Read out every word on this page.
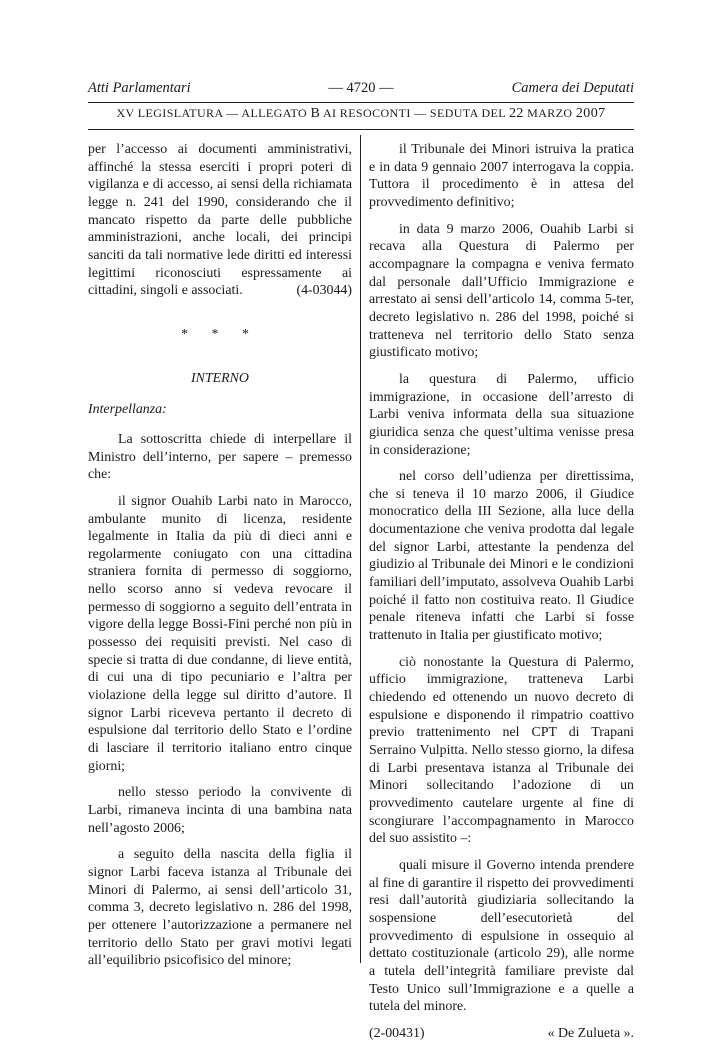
Atti Parlamentari	— 4720 —	Camera dei Deputati
XV LEGISLATURA — ALLEGATO B AI RESOCONTI — SEDUTA DEL 22 MARZO 2007

per l’accesso ai documenti amministrativi, affinché la stessa eserciti i propri poteri di vigilanza e di accesso, ai sensi della richiamata legge n. 241 del 1990, considerando che il mancato rispetto da parte delle pubbliche amministrazioni, anche locali, dei principi sanciti da tali normative lede diritti ed interessi legittimi riconosciuti espressamente ai cittadini, singoli e associati.	(4-03044)

* * *

INTERNO

Interpellanza:

La sottoscritta chiede di interpellare il Ministro dell’interno, per sapere – premesso che:

il signor Ouahib Larbi nato in Marocco, ambulante munito di licenza, residente legalmente in Italia da più di dieci anni e regolarmente coniugato con una cittadina straniera fornita di permesso di soggiorno, nello scorso anno si vedeva revocare il permesso di soggiorno a seguito dell’entrata in vigore della legge Bossi-Fini perché non più in possesso dei requisiti previsti. Nel caso di specie si tratta di due condanne, di lieve entità, di cui una di tipo pecuniario e l’altra per violazione della legge sul diritto d’autore. Il signor Larbi riceveva pertanto il decreto di espulsione dal territorio dello Stato e l’ordine di lasciare il territorio italiano entro cinque giorni;

nello stesso periodo la convivente di Larbi, rimaneva incinta di una bambina nata nell’agosto 2006;

a seguito della nascita della figlia il signor Larbi faceva istanza al Tribunale dei Minori di Palermo, ai sensi dell’articolo 31, comma 3, decreto legislativo n. 286 del 1998, per ottenere l’autorizzazione a permanere nel territorio dello Stato per gravi motivi legati all’equilibrio psicofisico del minore;

il Tribunale dei Minori istruiva la pratica e in data 9 gennaio 2007 interrogava la coppia. Tuttora il procedimento è in attesa del provvedimento definitivo;

in data 9 marzo 2006, Ouahib Larbi si recava alla Questura di Palermo per accompagnare la compagna e veniva fermato dal personale dall’Ufficio Immigrazione e arrestato ai sensi dell’articolo 14, comma 5-ter, decreto legislativo n. 286 del 1998, poiché si tratteneva nel territorio dello Stato senza giustificato motivo;

la questura di Palermo, ufficio immigrazione, in occasione dell’arresto di Larbi veniva informata della sua situazione giuridica senza che quest’ultima venisse presa in considerazione;

nel corso dell’udienza per direttissima, che si teneva il 10 marzo 2006, il Giudice monocratico della III Sezione, alla luce della documentazione che veniva prodotta dal legale del signor Larbi, attestante la pendenza del giudizio al Tribunale dei Minori e le condizioni familiari dell’imputato, assolveva Ouahib Larbi poiché il fatto non costituiva reato. Il Giudice penale riteneva infatti che Larbi si fosse trattenuto in Italia per giustificato motivo;

ciò nonostante la Questura di Palermo, ufficio immigrazione, tratteneva Larbi chiedendo ed ottenendo un nuovo decreto di espulsione e disponendo il rimpatrio coattivo previo trattenimento nel CPT di Trapani Serraino Vulpitta. Nello stesso giorno, la difesa di Larbi presentava istanza al Tribunale dei Minori sollecitando l’adozione di un provvedimento cautelare urgente al fine di scongiurare l’accompagnamento in Marocco del suo assistito –:

quali misure il Governo intenda prendere al fine di garantire il rispetto dei provvedimenti resi dall’autorità giudiziaria sollecitando la sospensione dell’esecutorietà del provvedimento di espulsione in ossequio al dettato costituzionale (articolo 29), alle norme a tutela dell’integrità familiare previste dal Testo Unico sull’Immigrazione e a quelle a tutela del minore.

(2-00431)	« De Zulueta ».
